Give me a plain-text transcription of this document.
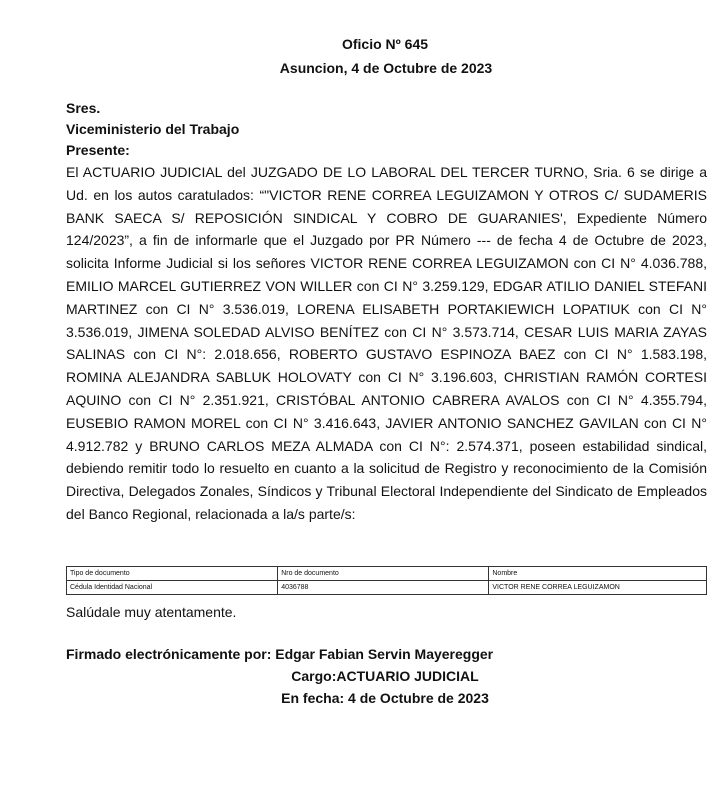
Oficio Nº 645
Asuncion, 4 de Octubre de 2023
Sres.
Viceministerio del Trabajo
Presente:
El ACTUARIO JUDICIAL del JUZGADO DE LO LABORAL DEL TERCER TURNO, Sria. 6 se dirige a Ud. en los autos caratulados: “"VICTOR RENE CORREA LEGUIZAMON Y OTROS C/ SUDAMERIS BANK SAECA S/ REPOSICIÓN SINDICAL Y COBRO DE GUARANIES', Expediente Número 124/2023”, a fin de informarle que el Juzgado por PR Número --- de fecha 4 de Octubre de 2023, solicita Informe Judicial si los señores VICTOR RENE CORREA LEGUIZAMON con CI N° 4.036.788, EMILIO MARCEL GUTIERREZ VON WILLER con CI N° 3.259.129, EDGAR ATILIO DANIEL STEFANI MARTINEZ con CI N° 3.536.019, LORENA ELISABETH PORTAKIEWICH LOPATIUK con CI N° 3.536.019, JIMENA SOLEDAD ALVISO BENÍTEZ con CI N° 3.573.714, CESAR LUIS MARIA ZAYAS SALINAS con CI N°: 2.018.656, ROBERTO GUSTAVO ESPINOZA BAEZ con CI N° 1.583.198, ROMINA ALEJANDRA SABLUK HOLOVATY con CI N° 3.196.603, CHRISTIAN RAMÓN CORTESI AQUINO con CI N° 2.351.921, CRISTÓBAL ANTONIO CABRERA AVALOS con CI N° 4.355.794, EUSEBIO RAMON MOREL con CI N° 3.416.643, JAVIER ANTONIO SANCHEZ GAVILAN con CI N° 4.912.782 y BRUNO CARLOS MEZA ALMADA con CI N°: 2.574.371, poseen estabilidad sindical, debiendo remitir todo lo resuelto en cuanto a la solicitud de Registro y reconocimiento de la Comisión Directiva, Delegados Zonales, Síndicos y Tribunal Electoral Independiente del Sindicato de Empleados del Banco Regional, relacionada a la/s parte/s:
Tipo de documento	Nro de documento	Nombre
Cédula Identidad Nacional	4036788	VICTOR RENE CORREA LEGUIZAMON
Salúdale muy atentamente.
Firmado electrónicamente por: Edgar Fabian Servin Mayeregger
Cargo:ACTUARIO JUDICIAL
En fecha: 4 de Octubre de 2023
